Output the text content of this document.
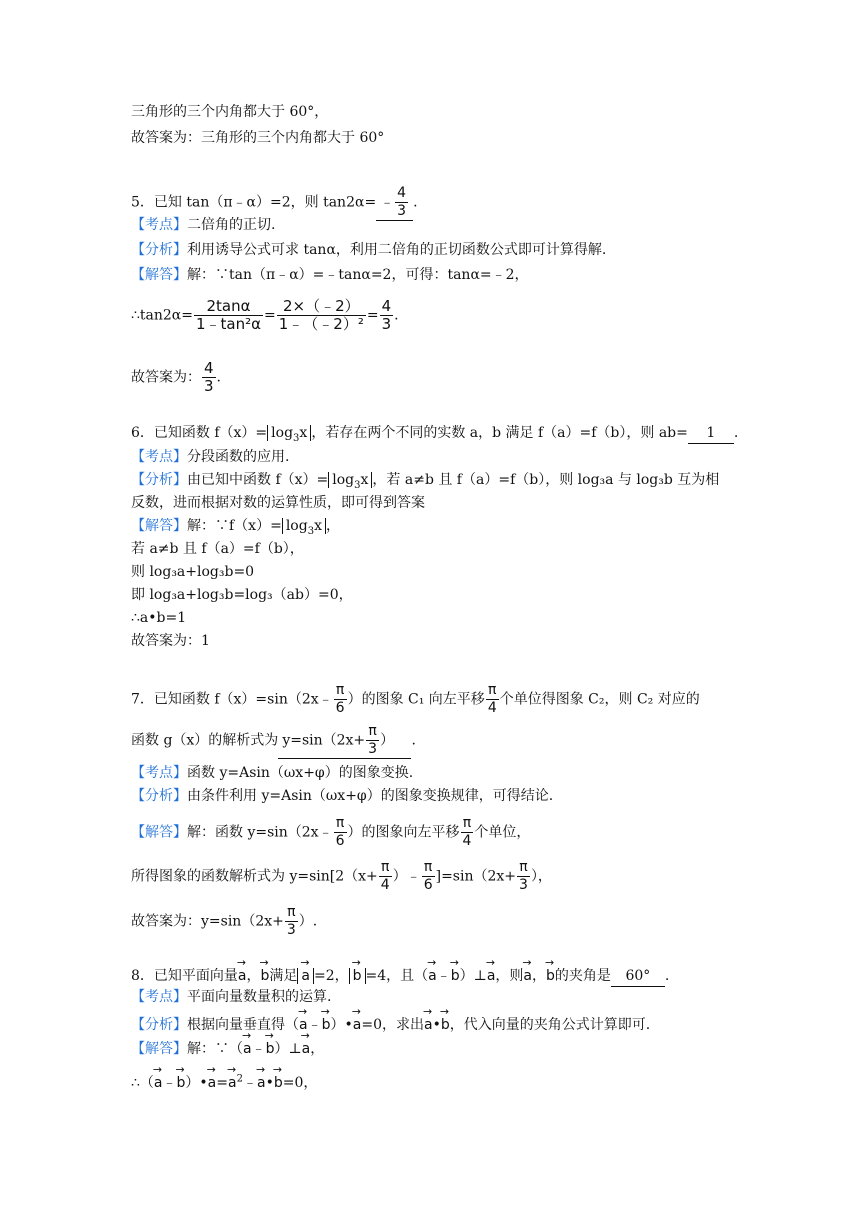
三角形的三个内角都大于 60°，
故答案为：三角形的三个内角都大于 60°
5．已知 tan（π﹣α）=2，则 tan2α= ﹣ $\frac{4}{3}$ .
【考点】二倍角的正切.
【分析】利用诱导公式可求 tanα，利用二倍角的正切函数公式即可计算得解.
【解答】解：∵tan（π﹣α）=﹣tanα=2，可得：tanα=﹣2，
∴tan2α= $\frac{2\tan\alpha}{\text{1﹣tan²α}} = \frac{2\times(﹣2)}{\text{1﹣（﹣2）²}} = \frac{4}{3}$ .
故答案为： $\frac{4}{3}$ .
6．已知函数 $f(x)= \log_3x$ ，若存在两个不同的实数 a，b 满足 f（a）=f（b），则 ab= 1 .
【考点】分段函数的应用.
【分析】由已知中函数 $f(x)= \log_3x$ ，若 a≠b 且 f（a）=f（b），则 log₃a 与 log₃b 互为相
反数，进而根据对数的运算性质，即可得到答案
【解答】解：∵f（x）= $\log_3x$ ，
若 a≠b 且 f（a）=f（b），
则 log₃a+log₃b=0
即 log₃a+log₃b=log₃（ab）=0，
∴a•b=1
故答案为：1
7．已知函数 f（x）=sin（2x﹣ $\frac{\pi}{6}$ ）的图象 C₁ 向左平移 $\frac{\pi}{4}$ 个单位得图象 C₂，则 C₂ 对应的
函数 g（x）的解析式为 $y=\sin(2x+ \frac{\pi}{3}$ ） .
【考点】函数 y=Asin（ωx+φ）的图象变换.
【分析】由条件利用 y=Asin（ωx+φ）的图象变换规律，可得结论.
【解答】解：函数 y=sin（2x﹣ $\frac{\pi}{6}$ ）的图象向左平移 $\frac{\pi}{4}$ 个单位，
所得图象的函数解析式为 $y=\sin[2(x+ \frac{\pi}{4}$ ）﹣ $\frac{\pi}{6} ]=\sin(2x+ \frac{\pi}{3}$ ），
故答案为：$y=\sin(2x+ \frac{\pi}{3}$ ）.
8．已知平面向量→ a，→ b满足 → a =2， → b =4，且（→ a﹣→ b）⊥→ a，则→ a，→ b的夹角是 60° .
【考点】平面向量数量积的运算.
【分析】根据向量垂直得（→ a﹣→ b）•→ a=0，求出→ a•→ b，代入向量的夹角公式计算即可.
【解答】解：∵（→ a﹣→ b）⊥→ a，
∴（→ a﹣→ b）•→ $a=\to a^2﹣\to$ a•→ b=0，
